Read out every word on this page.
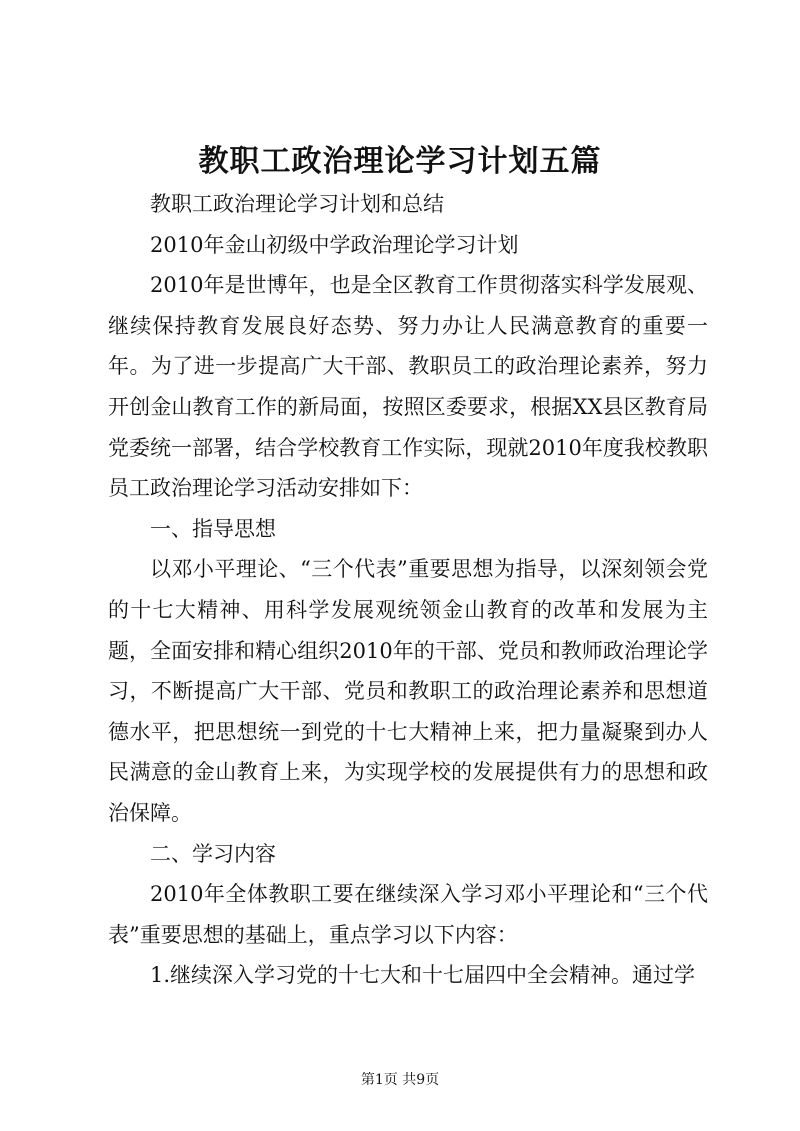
教职工政治理论学习计划五篇

教职工政治理论学习计划和总结

2010年金山初级中学政治理论学习计划

2010年是世博年，也是全区教育工作贯彻落实科学发展观、继续保持教育发展良好态势、努力办让人民满意教育的重要一年。为了进一步提高广大干部、教职员工的政治理论素养，努力开创金山教育工作的新局面，按照区委要求，根据XX县区教育局党委统一部署，结合学校教育工作实际，现就2010年度我校教职员工政治理论学习活动安排如下：

一、指导思想

以邓小平理论、“三个代表”重要思想为指导，以深刻领会党的十七大精神、用科学发展观统领金山教育的改革和发展为主题，全面安排和精心组织2010年的干部、党员和教师政治理论学习，不断提高广大干部、党员和教职工的政治理论素养和思想道德水平，把思想统一到党的十七大精神上来，把力量凝聚到办人民满意的金山教育上来，为实现学校的发展提供有力的思想和政治保障。

二、学习内容

2010年全体教职工要在继续深入学习邓小平理论和“三个代表”重要思想的基础上，重点学习以下内容：

1.继续深入学习党的十七大和十七届四中全会精神。通过学

第1页 共9页
